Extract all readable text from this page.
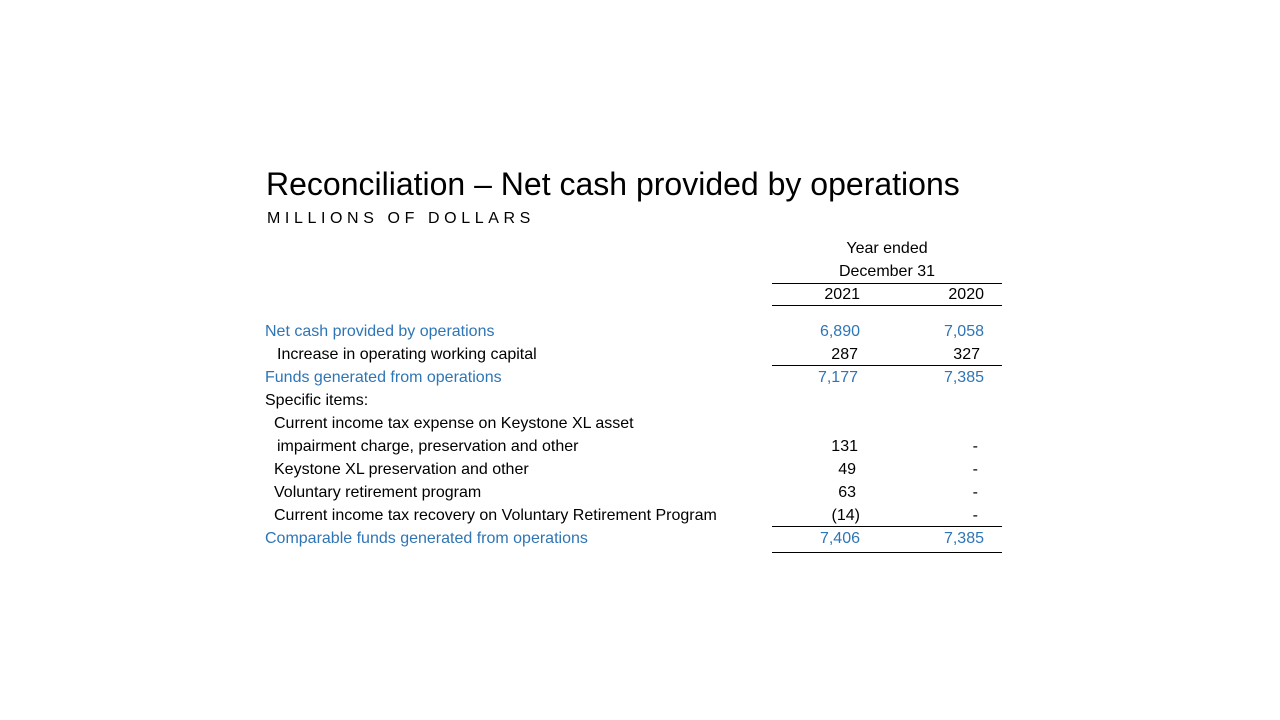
Reconciliation – Net cash provided by operations
MILLIONS OF DOLLARS
Year ended
December 31
2021	2020
Net cash provided by operations	6,890	7,058
Increase in operating working capital	287	327
Funds generated from operations	7,177	7,385
Specific items:
Current income tax expense on Keystone XL asset
impairment charge, preservation and other	131	-
Keystone XL preservation and other	49	-
Voluntary retirement program	63	-
Current income tax recovery on Voluntary Retirement Program	(14)	-
Comparable funds generated from operations	7,406	7,385
